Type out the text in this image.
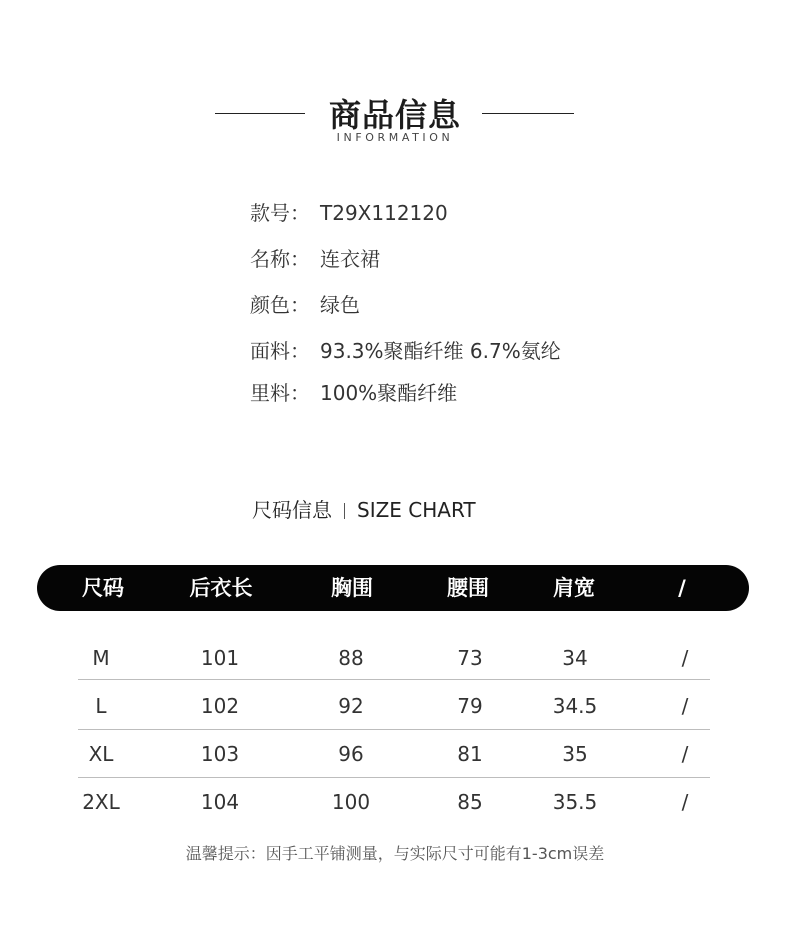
商品信息
INFORMATION
款号： T29X112120
名称： 连衣裙
颜色： 绿色
面料： 93.3%聚酯纤维 6.7%氨纶
里料： 100%聚酯纤维
尺码信息 SIZE CHART
尺码	后衣长	胸围	腰围	肩宽	/
M	101	88	73	34	/
L	102	92	79	34.5	/
XL	103	96	81	35	/
2XL	104	100	85	35.5	/
温馨提示：因手工平铺测量，与实际尺寸可能有1-3cm误差
